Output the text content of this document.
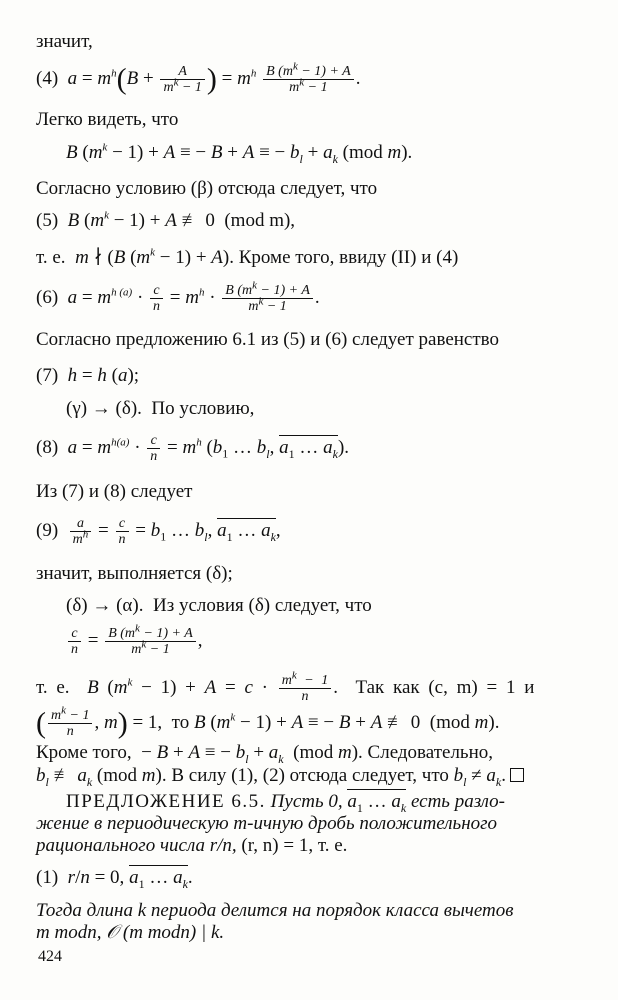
значит,
(4) $a = m^h(B + \frac{A}{m^k - 1}$ ) = $m^h \frac{B (m^k - 1) + A}{m^k - 1}$ .
Легко видеть, что
B $(m^k - 1) + A$ ≡ − B + A ≡ − $b_l + a_k$ (mod m).
Согласно условию (β) отсюда следует, что
(5) B $(m^k - 1) + A$ ≢ 0  (mod m),
т. е. m ∤ (B $(m^k - 1) + A$). Кроме того, ввиду (II) и (4)
(6) $a = m^{h (a)} \cdot \frac{c}{n} = m^h \cdot \frac{B (m^k - 1) + A}{m^k - 1}$ .
Согласно предложению 6.1 из (5) и (6) следует равенство
(7) h = h (a);
(γ) → (δ). По условию,
(8) $a = m^{h(a)} \cdot \frac{c}{n} = m^h$ ($b_1$ … $b_l$, $a_1$ … $a_k$).
Из (7) и (8) следует
$(9) \frac{a}{m^h} = \frac{c}{n} = b_1$ … $b_l$, $a_1$ … $a_k$,
значит, выполняется (δ);
(δ) → (α). Из условия (δ) следует, что
$\frac{c}{n} = \frac{B (m^k - 1) + A}{m^k - 1}$ ,
т. е. B $(m^k - 1) + A = c \cdot \frac{m^k - 1}{n}$ .  Так как (c, m) = 1 и
( $\frac{m^k - 1}{n}$ , m) = 1,  то B $(m^k - 1) + A$ ≡ − B + A ≢ 0  (mod m).
Кроме того,  − B + A ≡ − $b_l + a_k$  (mod m). Следовательно,
$b_l$ ≢ $a_k$ (mod m). В силу (1), (2) отсюда следует, что $b_l \ne a_k$.
ПРЕДЛОЖЕНИЕ 6.5. Пусть 0, $a_1$ … $a_k$ есть разло-
жение в периодическую m-ичную дробь положительного
рационального числа r/n, (r, n) = 1, т. е.
(1) r/n = 0, $a_1$ … $a_k$.
Тогда длина k периода делится на порядок класса вычетов
m modn, 𝒪 (m modn) | k.
424
